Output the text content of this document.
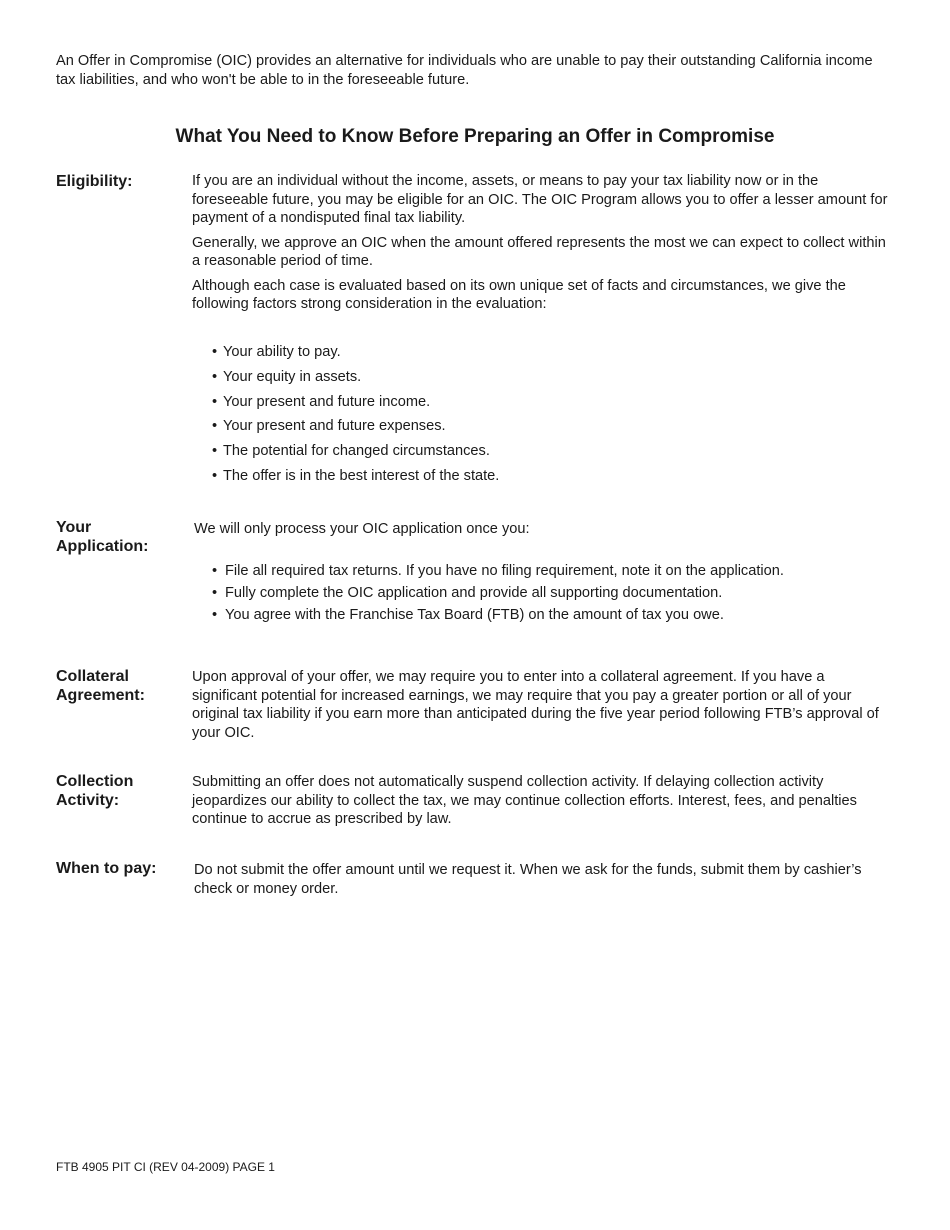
An Offer in Compromise (OIC) provides an alternative for individuals who are unable to pay their outstanding California income tax liabilities, and who won't be able to in the foreseeable future.

What You Need to Know Before Preparing an Offer in Compromise
Eligibility:	If you are an individual without the income, assets, or means to pay your tax liability now or in the foreseeable future, you may be eligible for an OIC. The OIC Program allows you to offer a lesser amount for payment of a nondisputed final tax liability.

Generally, we approve an OIC when the amount offered represents the most we can expect to collect within a reasonable period of time.

Although each case is evaluated based on its own unique set of facts and circumstances, we give the following factors strong consideration in the evaluation:

• Your ability to pay.
• Your equity in assets.
• Your present and future income.
• Your present and future expenses.
• The potential for changed circumstances.
• The offer is in the best interest of the state.
Your
Application:

We will only process your OIC application once you:

• File all required tax returns. If you have no filing requirement, note it on the application.
• Fully complete the OIC application and provide all supporting documentation.
• You agree with the Franchise Tax Board (FTB) on the amount of tax you owe.
Collateral
Agreement:

Upon approval of your offer, we may require you to enter into a collateral agreement. If you have a significant potential for increased earnings, we may require that you pay a greater portion or all of your original tax liability if you earn more than anticipated during the five year period following FTB’s approval of your OIC.

Collection
Activity:

Submitting an offer does not automatically suspend collection activity. If delaying collection activity jeopardizes our ability to collect the tax, we may continue collection efforts. Interest, fees, and penalties continue to accrue as prescribed by law.

When to pay:	Do not submit the offer amount until we request it. When we ask for the funds, submit them by cashier’s check or money order.

FTB 4905 PIT CI (REV 04-2009) PAGE 1
